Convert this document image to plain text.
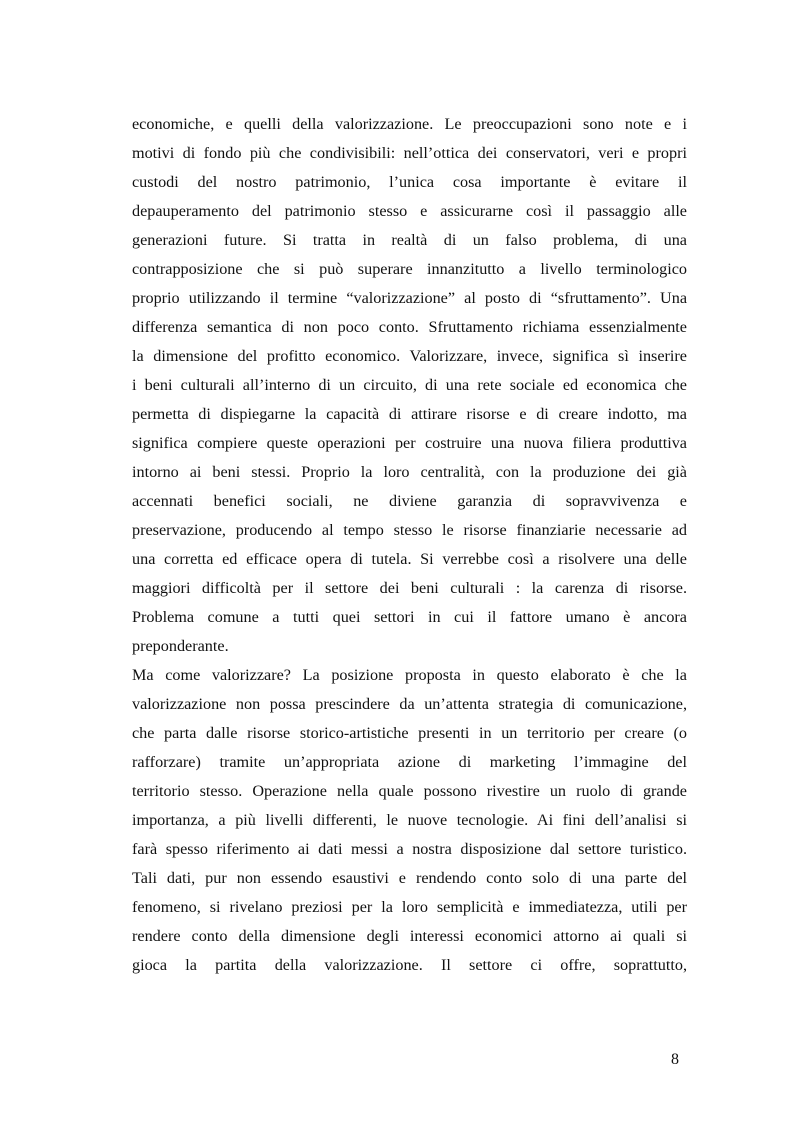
economiche, e quelli della valorizzazione. Le preoccupazioni sono note e i
motivi di fondo più che condivisibili: nell’ottica dei conservatori, veri e propri
custodi del nostro patrimonio, l’unica cosa importante è evitare il
depauperamento del patrimonio stesso e assicurarne così il passaggio alle
generazioni future. Si tratta in realtà di un falso problema, di una
contrapposizione che si può superare innanzitutto a livello terminologico
proprio utilizzando il termine “valorizzazione” al posto di “sfruttamento”. Una
differenza semantica di non poco conto. Sfruttamento richiama essenzialmente
la dimensione del profitto economico. Valorizzare, invece, significa sì inserire
i beni culturali all’interno di un circuito, di una rete sociale ed economica che
permetta di dispiegarne la capacità di attirare risorse e di creare indotto, ma
significa compiere queste operazioni per costruire una nuova filiera produttiva
intorno ai beni stessi. Proprio la loro centralità, con la produzione dei già
accennati benefici sociali, ne diviene garanzia di sopravvivenza e
preservazione, producendo al tempo stesso le risorse finanziarie necessarie ad
una corretta ed efficace opera di tutela. Si verrebbe così a risolvere una delle
maggiori difficoltà per il settore dei beni culturali : la carenza di risorse.
Problema comune a tutti quei settori in cui il fattore umano è ancora
preponderante.
Ma come valorizzare? La posizione proposta in questo elaborato è che la
valorizzazione non possa prescindere da un’attenta strategia di comunicazione,
che parta dalle risorse storico-artistiche presenti in un territorio per creare (o
rafforzare) tramite un’appropriata azione di marketing l’immagine del
territorio stesso. Operazione nella quale possono rivestire un ruolo di grande
importanza, a più livelli differenti, le nuove tecnologie. Ai fini dell’analisi si
farà spesso riferimento ai dati messi a nostra disposizione dal settore turistico.
Tali dati, pur non essendo esaustivi e rendendo conto solo di una parte del
fenomeno, si rivelano preziosi per la loro semplicità e immediatezza, utili per
rendere conto della dimensione degli interessi economici attorno ai quali si
gioca la partita della valorizzazione. Il settore ci offre, soprattutto,
8
